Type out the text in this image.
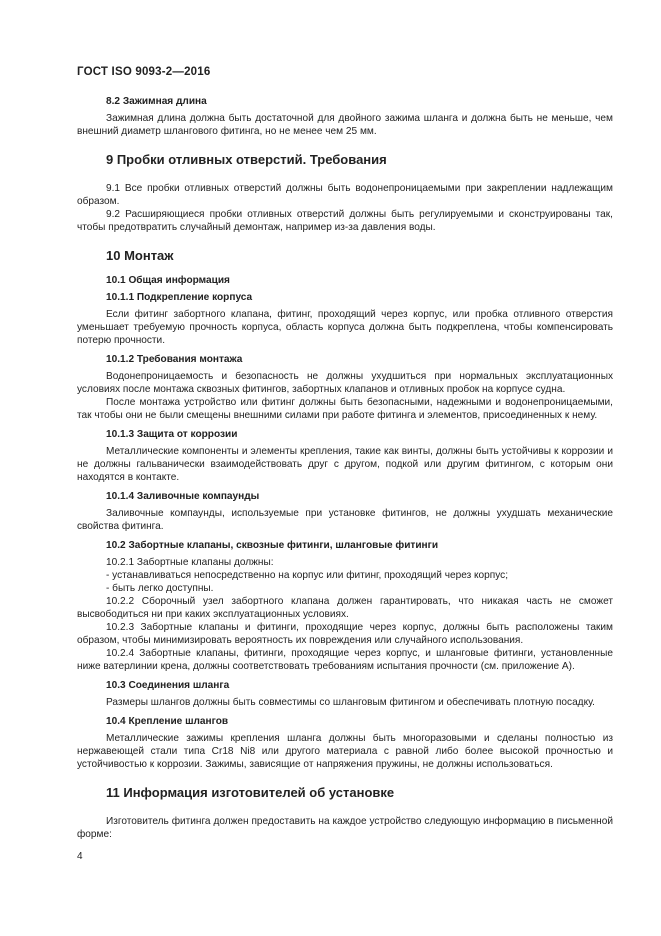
ГОСТ ISO 9093-2—2016
8.2 Зажимная длина

Зажимная длина должна быть достаточной для двойного зажима шланга и должна быть не меньше, чем внешний диаметр шлангового фитинга, но не менее чем 25 мм.

9 Пробки отливных отверстий. Требования

9.1 Все пробки отливных отверстий должны быть водонепроницаемыми при закреплении надлежащим образом.

9.2 Расширяющиеся пробки отливных отверстий должны быть регулируемыми и сконструированы так, чтобы предотвратить случайный демонтаж, например из-за давления воды.

10 Монтаж
10.1 Общая информация
10.1.1 Подкрепление корпуса

Если фитинг забортного клапана, фитинг, проходящий через корпус, или пробка отливного отверстия уменьшает требуемую прочность корпуса, область корпуса должна быть подкреплена, чтобы компенсировать потерю прочности.

10.1.2 Требования монтажа

Водонепроницаемость и безопасность не должны ухудшиться при нормальных эксплуатационных условиях после монтажа сквозных фитингов, забортных клапанов и отливных пробок на корпусе судна.

После монтажа устройство или фитинг должны быть безопасными, надежными и водонепроницаемыми, так чтобы они не были смещены внешними силами при работе фитинга и элементов, присоединенных к нему.

10.1.3 Защита от коррозии

Металлические компоненты и элементы крепления, такие как винты, должны быть устойчивы к коррозии и не должны гальванически взаимодействовать друг с другом, подкой или другим фитингом, с которым они находятся в контакте.

10.1.4 Заливочные компаунды

Заливочные компаунды, используемые при установке фитингов, не должны ухудшать механические свойства фитинга.

10.2 Забортные клапаны, сквозные фитинги, шланговые фитинги

10.2.1 Забортные клапаны должны:

- устанавливаться непосредственно на корпус или фитинг, проходящий через корпус;

- быть легко доступны.

10.2.2 Сборочный узел забортного клапана должен гарантировать, что никакая часть не сможет высвободиться ни при каких эксплуатационных условиях.

10.2.3 Забортные клапаны и фитинги, проходящие через корпус, должны быть расположены таким образом, чтобы минимизировать вероятность их повреждения или случайного использования.

10.2.4 Забортные клапаны, фитинги, проходящие через корпус, и шланговые фитинги, установленные ниже ватерлинии крена, должны соответствовать требованиям испытания прочности (см. приложение А).

10.3 Соединения шланга

Размеры шлангов должны быть совместимы со шланговым фитингом и обеспечивать плотную посадку.

10.4 Крепление шлангов

Металлические зажимы крепления шланга должны быть многоразовыми и сделаны полностью из нержавеющей стали типа Cr18 Ni8 или другого материала с равной либо более высокой прочностью и устойчивостью к коррозии. Зажимы, зависящие от напряжения пружины, не должны использоваться.

11 Информация изготовителей об установке

Изготовитель фитинга должен предоставить на каждое устройство следующую информацию в письменной форме:

4
